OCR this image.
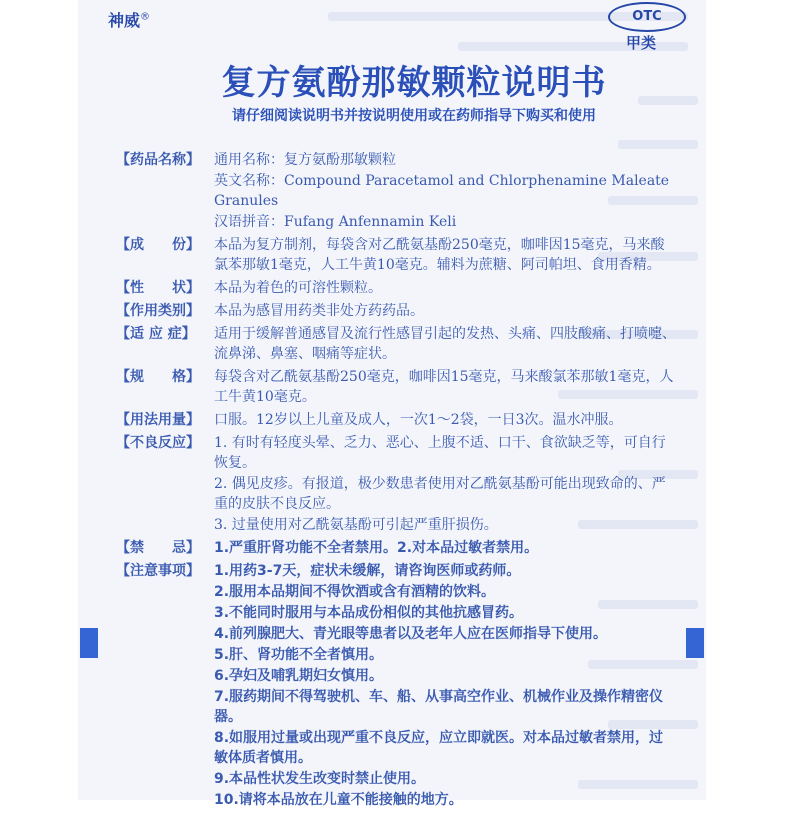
神威®	OTC
甲类
复方氨酚那敏颗粒说明书
请仔细阅读说明书并按说明使用或在药师指导下购买和使用
【药品名称】	通用名称：复方氨酚那敏颗粒
英文名称：Compound Paracetamol and Chlorphenamine Maleate Granules
汉语拼音：Fufang Anfennamin Keli
【成　　份】	本品为复方制剂，每袋含对乙酰氨基酚250毫克，咖啡因15毫克，马来酸氯苯那敏1毫克，人工牛黄10毫克。辅料为蔗糖、阿司帕坦、食用香精。
【性　　状】	本品为着色的可溶性颗粒。
【作用类别】	本品为感冒用药类非处方药药品。
【适 应 症】	适用于缓解普通感冒及流行性感冒引起的发热、头痛、四肢酸痛、打喷嚏、流鼻涕、鼻塞、咽痛等症状。
【规　　格】	每袋含对乙酰氨基酚250毫克，咖啡因15毫克，马来酸氯苯那敏1毫克，人工牛黄10毫克。
【用法用量】	口服。12岁以上儿童及成人，一次1～2袋，一日3次。温水冲服。
【不良反应】	1. 有时有轻度头晕、乏力、恶心、上腹不适、口干、食欲缺乏等，可自行恢复。
2. 偶见皮疹。有报道，极少数患者使用对乙酰氨基酚可能出现致命的、严重的皮肤不良反应。
3. 过量使用对乙酰氨基酚可引起严重肝损伤。
【禁　　忌】	1.严重肝肾功能不全者禁用。2.对本品过敏者禁用。
【注意事项】	1.用药3-7天，症状未缓解，请咨询医师或药师。
2.服用本品期间不得饮酒或含有酒精的饮料。
3.不能同时服用与本品成份相似的其他抗感冒药。
4.前列腺肥大、青光眼等患者以及老年人应在医师指导下使用。
5.肝、肾功能不全者慎用。
6.孕妇及哺乳期妇女慎用。
7.服药期间不得驾驶机、车、船、从事高空作业、机械作业及操作精密仪器。
8.如服用过量或出现严重不良反应，应立即就医。对本品过敏者禁用，过敏体质者慎用。
9.本品性状发生改变时禁止使用。
10.请将本品放在儿童不能接触的地方。
